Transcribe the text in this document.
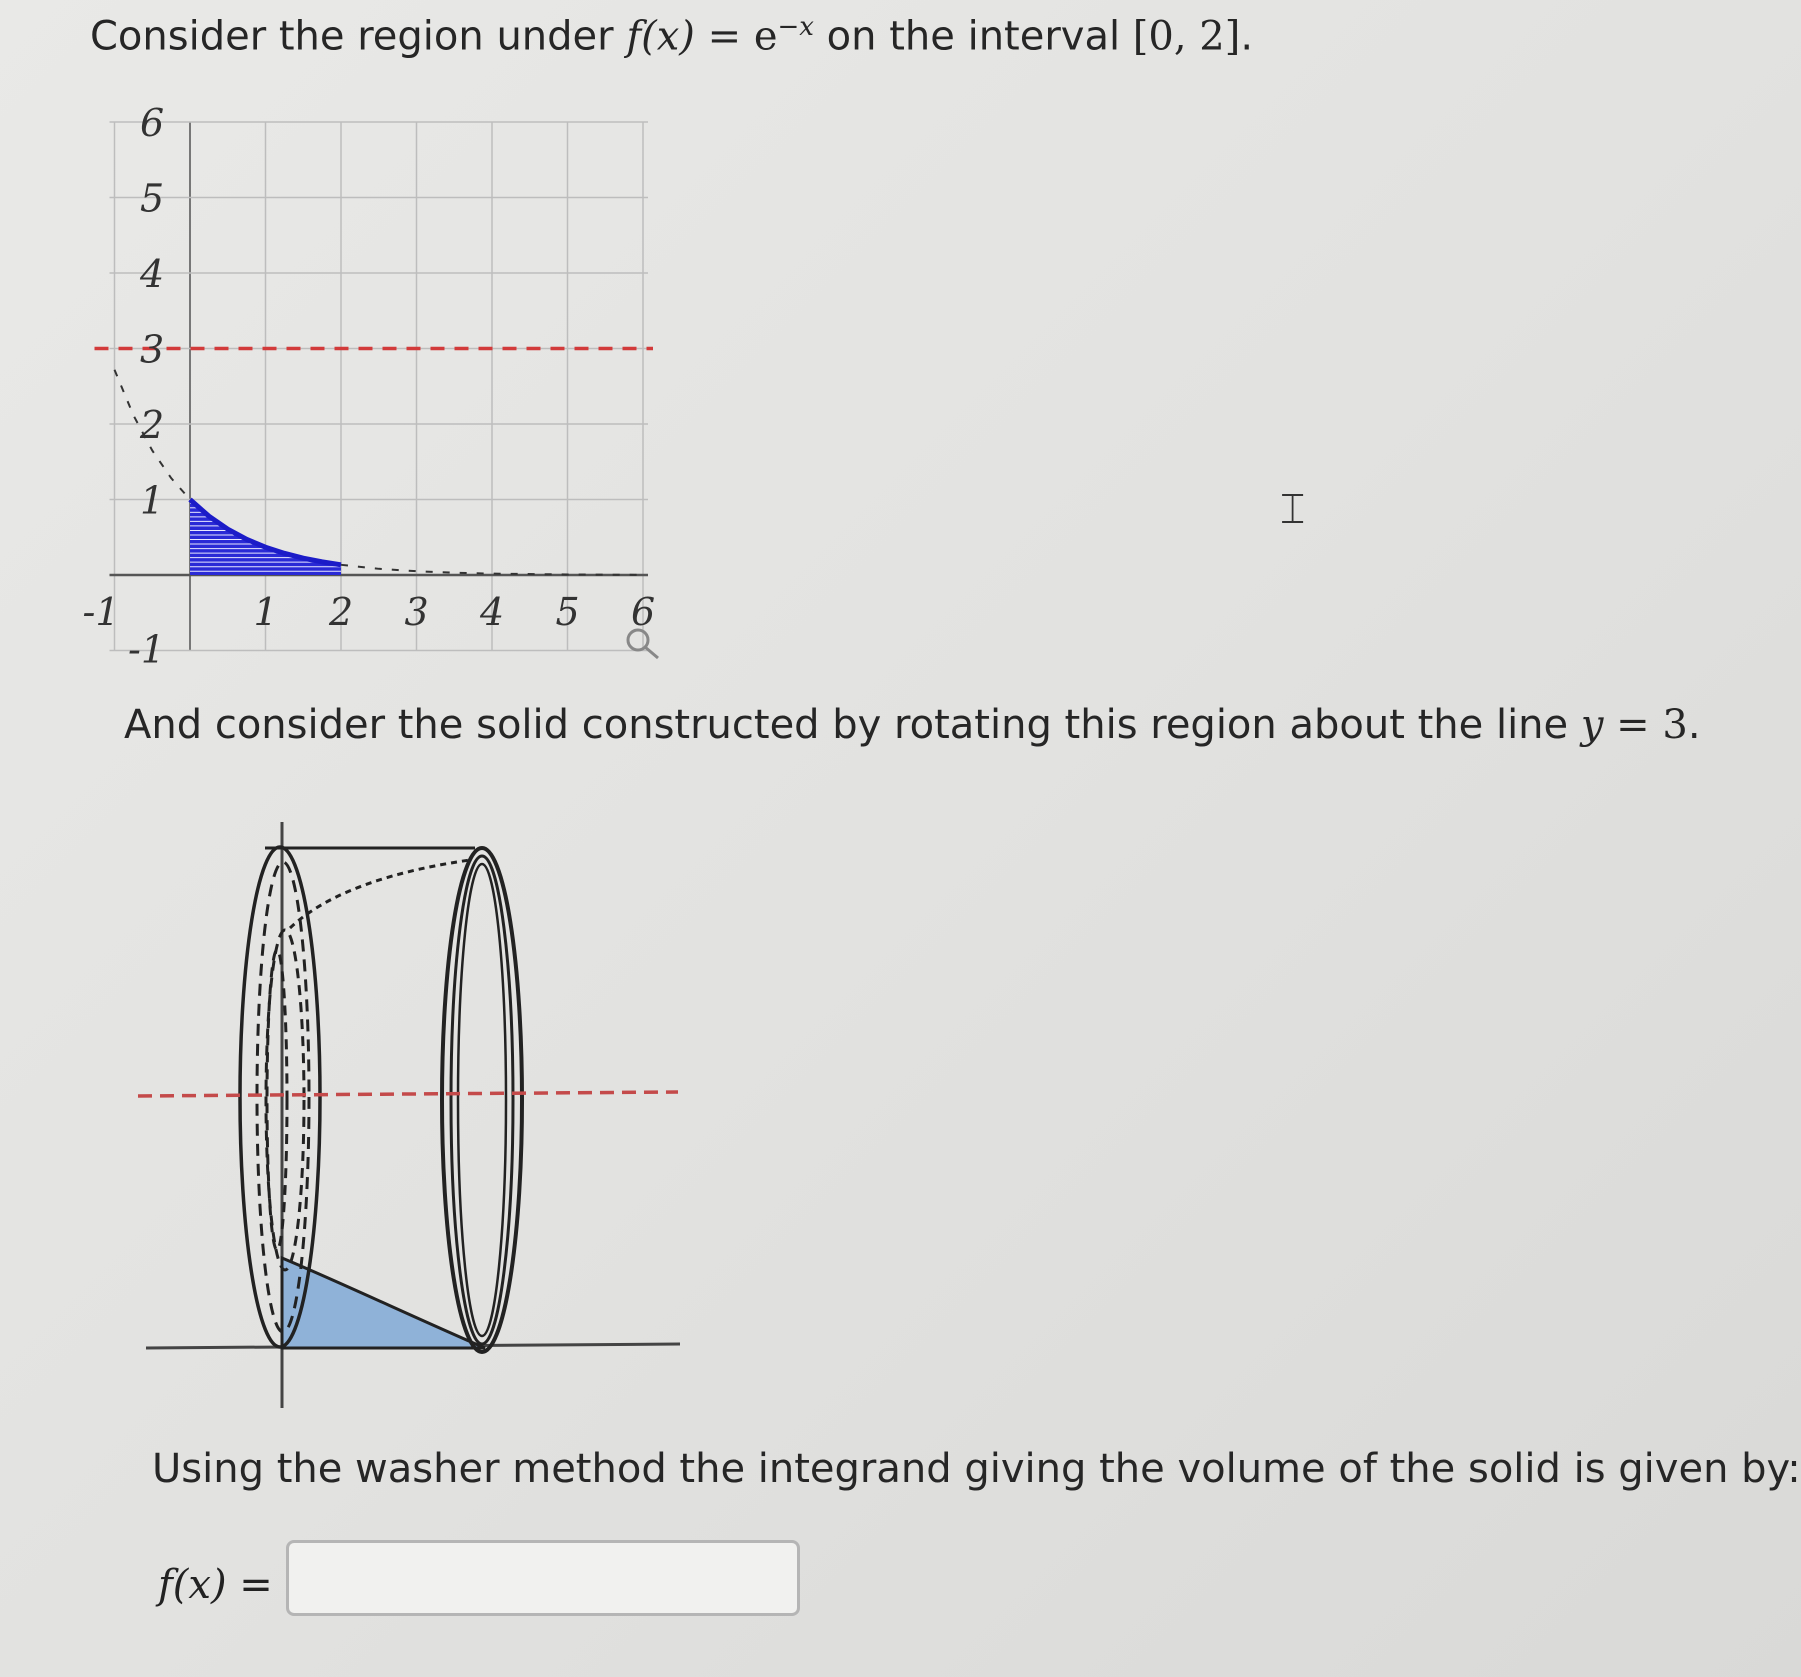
Consider the region under $f(x) = e^{-x}$ on the interval [0, 2].
-1	1 2 3 4 5 6
6
5
4
3
2
1
-1
And consider the solid constructed by rotating this region about the line y = 3.
Using the washer method the integrand giving the volume of the solid is given by:
f(x) =
⌶
